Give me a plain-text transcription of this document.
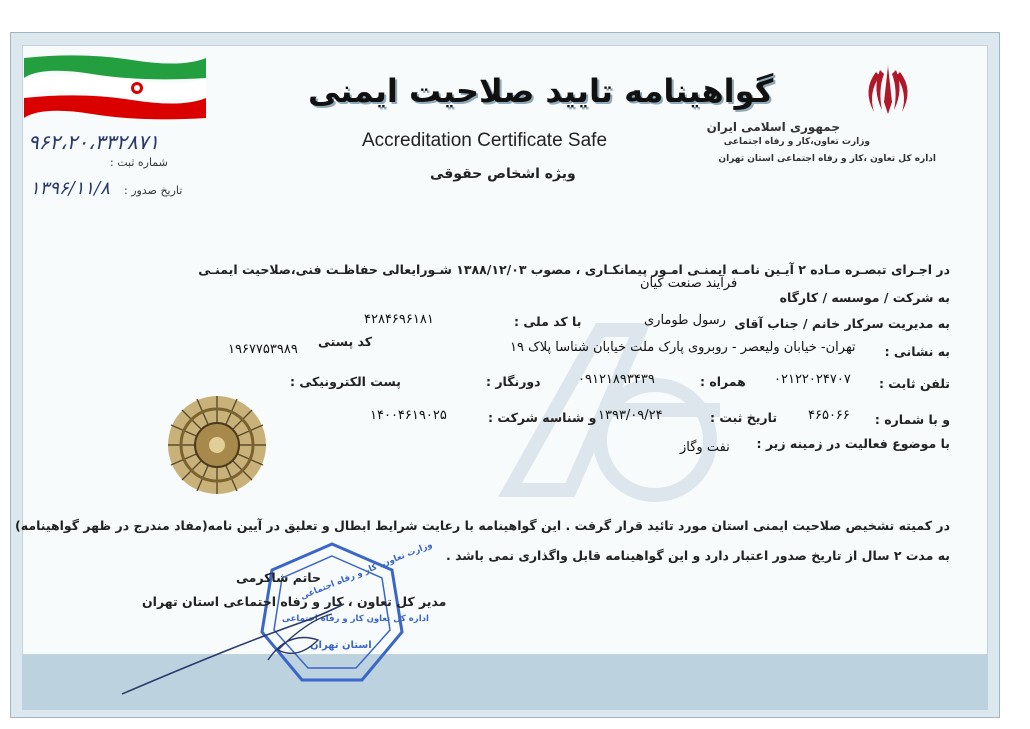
جمهوری اسلامی ایران
وزارت تعاون،کار و رفاه اجتماعی
اداره کل تعاون ،کار و رفاه اجتماعی استان تهران
گواهینامه تایید صلاحیت ایمنی
Accreditation Certificate Safe
ویژه اشخاص حقوقی
۹۶۲،۲۰،۳۳۲۸۷۱
شماره ثبت :
۱۳۹۶/۱۱/۸ تاریخ صدور :
در اجـرای تبصـره مـاده ۲ آیـین نامـه ایمنـی امـور پیمانکـاری ، مصوب ۱۳۸۸/۱۲/۰۳ شـورایعالی حفاظـت فنی،صلاحیت ایمنـی
به شرکت / موسسه / کارگاه
فرآیند صنعت کیان
به مدیریت سرکار خانم / جناب آقای
رسول طوماری
با کد ملی :
۴۲۸۴۶۹۶۱۸۱
به نشانی :
تهران- خیابان ولیعصر - روبروی پارک ملت خیابان شناسا پلاک ۱۹
کد پستی
۱۹۶۷۷۵۳۹۸۹
تلفن ثابت :
۰۲۱۲۲۰۲۴۷۰۷
همراه :
۰۹۱۲۱۸۹۳۴۳۹
دورنگار :
پست الکترونیکی :
و با شماره :
۴۶۵۰۶۶
تاریخ ثبت :
۱۳۹۳/۰۹/۲۴
و شناسه شرکت :
۱۴۰۰۴۶۱۹۰۲۵
با موضوع فعالیت در زمینه زیر :
نفت وگاز
در کمیته تشخیص صلاحیت ایمنی استان مورد تائید قرار گرفت . این گواهینامه با رعایت شرایط ابطال و تعلیق در آیین نامه(مفاد مندرج در ظهر گواهینامه)
به مدت ۲ سال از تاریخ صدور اعتبار دارد و این گواهینامه قابل واگذاری نمی باشد .
وزارت تعاون، کار و رفاه اجتماعی
اداره کل تعاون کار و رفاه اجتماعی
استان تهران
حاتم شاکرمی
مدیر کل تعاون ، کار و رفاه اجتماعی استان تهران
